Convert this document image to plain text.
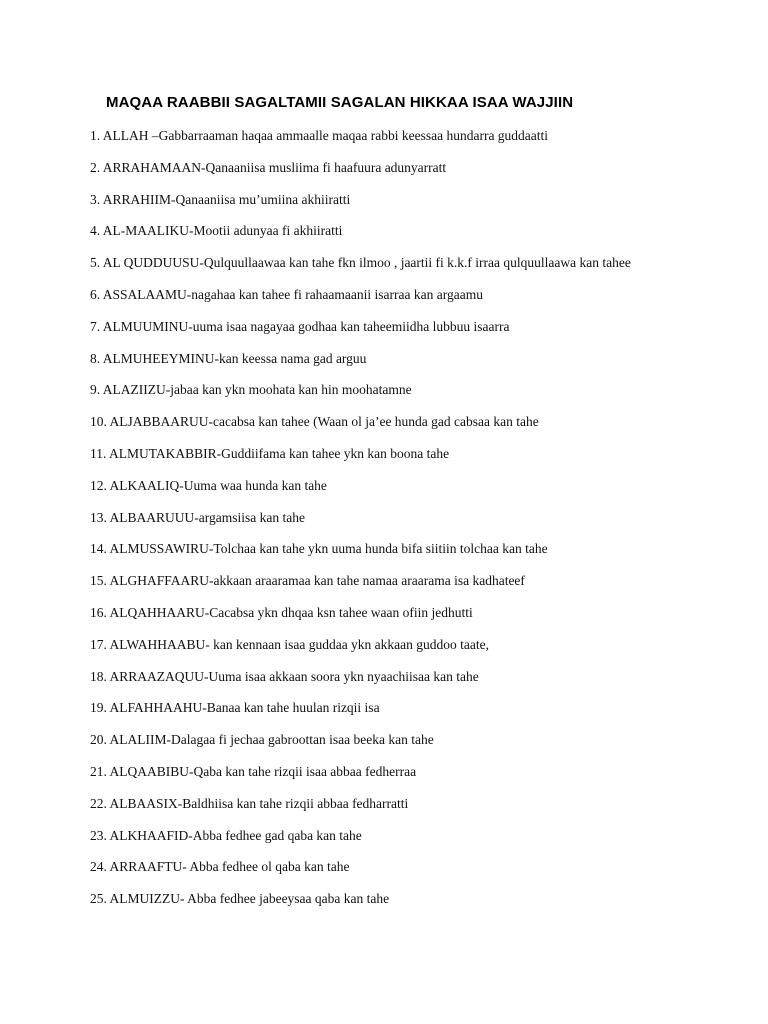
MAQAA RAABBII SAGALTAMII SAGALAN HIKKAA ISAA WAJJIIN
1. ALLAH –Gabbarraaman haqaa ammaalle maqaa rabbi keessaa hundarra guddaatti
2. ARRAHAMAAN-Qanaaniisa musliima fi haafuura adunyarratt
3. ARRAHIIM-Qanaaniisa mu’umiina akhiiratti
4. AL-MAALIKU-Mootii adunyaa fi akhiiratti
5. AL QUDDUUSU-Qulquullaawaa kan tahe fkn ilmoo , jaartii fi k.k.f irraa qulquullaawa kan tahee
6. ASSALAAMU-nagahaa kan tahee fi rahaamaanii isarraa kan argaamu
7. ALMUUMINU-uuma isaa nagayaa godhaa kan taheemiidha lubbuu isaarra
8. ALMUHEEYMINU-kan keessa nama gad arguu
9. ALAZIIZU-jabaa kan ykn moohata kan hin moohatamne
10. ALJABBAARUU-cacabsa kan tahee (Waan ol ja’ee hunda gad cabsaa kan tahe
11. ALMUTAKABBIR-Guddiifama kan tahee ykn kan boona tahe
12. ALKAALIQ-Uuma waa hunda kan tahe
13. ALBAARUUU-argamsiisa kan tahe
14. ALMUSSAWIRU-Tolchaa kan tahe ykn uuma hunda bifa siitiin tolchaa kan tahe
15. ALGHAFFAARU-akkaan araaramaa kan tahe namaa araarama isa kadhateef
16. ALQAHHAARU-Cacabsa ykn dhqaa ksn tahee waan ofiin jedhutti
17. ALWAHHAABU- kan kennaan isaa guddaa ykn akkaan guddoo taate,
18. ARRAAZAQUU-Uuma isaa akkaan soora ykn nyaachiisaa kan tahe
19. ALFAHHAAHU-Banaa kan tahe huulan rizqii isa
20. ALALIIM-Dalagaa fi jechaa gabroottan isaa beeka kan tahe
21. ALQAABIBU-Qaba kan tahe rizqii isaa abbaa fedherraa
22. ALBAASIX-Baldhiisa kan tahe rizqii abbaa fedharratti
23. ALKHAAFID-Abba fedhee gad qaba kan tahe
24. ARRAAFTU- Abba fedhee ol qaba kan tahe
25. ALMUIZZU- Abba fedhee jabeeysaa qaba kan tahe
